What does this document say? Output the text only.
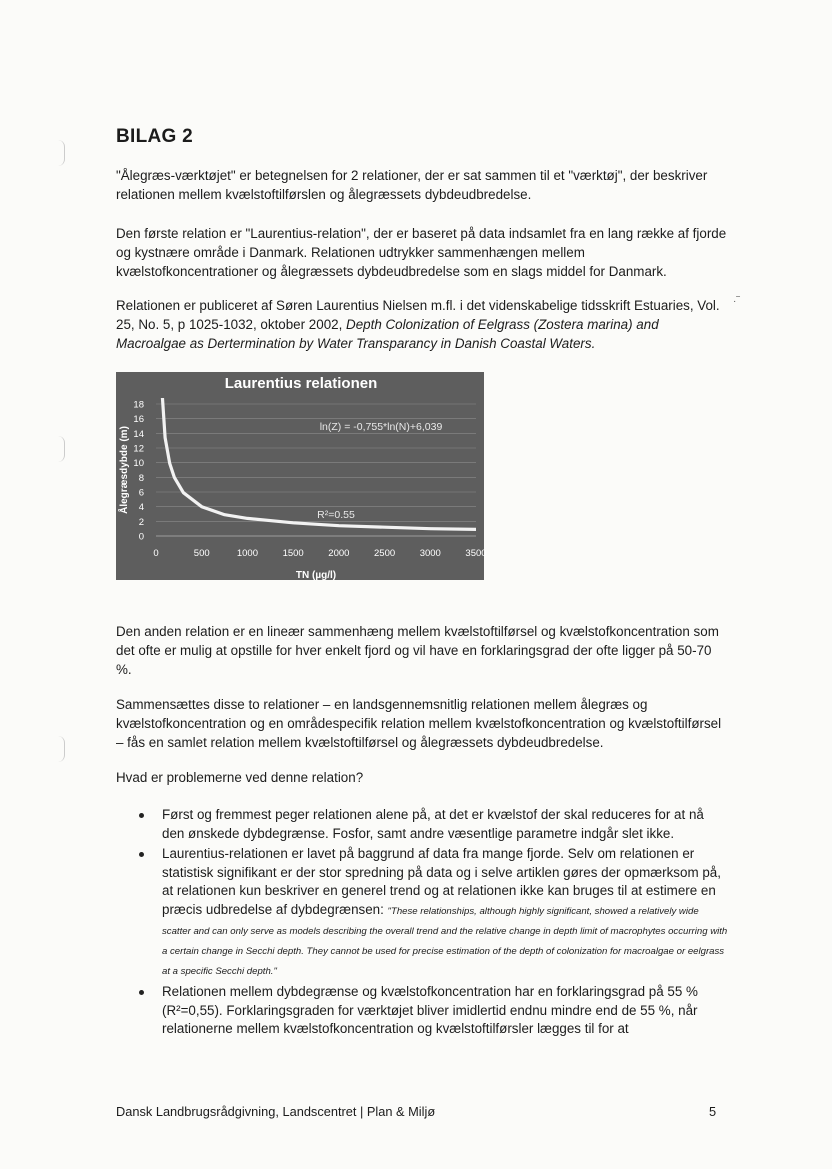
BILAG 2

"Ålegræs-værktøjet" er betegnelsen for 2 relationer, der er sat sammen til et "værktøj", der beskriver relationen mellem kvælstoftilførslen og ålegræssets dybdeudbredelse.

Den første relation er "Laurentius-relation", der er baseret på data indsamlet fra en lang række af fjorde og kystnære område i Danmark. Relationen udtrykker sammenhængen mellem kvælstofkoncentrationer og ålegræssets dybdeudbredelse som en slags middel for Danmark.

Relationen er publiceret af Søren Laurentius Nielsen m.fl. i det videnskabelige tidsskrift Estuaries, Vol. 25, No. 5, p 1025-1032, oktober 2002, Depth Colonization of Eelgrass (Zostera marina) and Macroalgae as Dertermination by Water Transparancy in Danish Coastal Waters.

0
2
4
6
8
10
12
14
16
18
0	500	1000	1500	2000	2500	3000	3500
Laurentius relationen
TN (µg/l)
Ålegræsdybde (m)	ln(Z) = -0,755*ln(N)+6,039
R²=0.55

Den anden relation er en lineær sammenhæng mellem kvælstoftilførsel og kvælstofkoncentration som det ofte er mulig at opstille for hver enkelt fjord og vil have en forklaringsgrad der ofte ligger på 50-70 %.

Sammensættes disse to relationer – en landsgennemsnitlig relationen mellem ålegræs og kvælstofkoncentration og en områdespecifik relation mellem kvælstofkoncentration og kvælstoftilførsel – fås en samlet relation mellem kvælstoftilførsel og ålegræssets dybdeudbredelse.

Hvad er problemerne ved denne relation?

Først og fremmest peger relationen alene på, at det er kvælstof der skal reduceres for at nå den ønskede dybdegrænse. Fosfor, samt andre væsentlige parametre indgår slet ikke.
Laurentius-relationen er lavet på baggrund af data fra mange fjorde. Selv om relationen er statistisk signifikant er der stor spredning på data og i selve artiklen gøres der opmærksom på, at relationen kun beskriver en generel trend og at relationen ikke kan bruges til at estimere en præcis udbredelse af dybdegrænsen: "These relationships, although highly significant, showed a relatively wide scatter and can only serve as models describing the overall trend and the relative change in depth limit of macrophytes occurring with a certain change in Secchi depth. They cannot be used for precise estimation of the depth of colonization for macroalgae or eelgrass at a specific Secchi depth."
Relationen mellem dybdegrænse og kvælstofkoncentration har en forklaringsgrad på 55 % (R²=0,55). Forklaringsgraden for værktøjet bliver imidlertid endnu mindre end de 55 %, når relationerne mellem kvælstofkoncentration og kvælstoftilførsler lægges til for at
Dansk Landbrugsrådgivning, Landscentret | Plan & Miljø	5
·‾
